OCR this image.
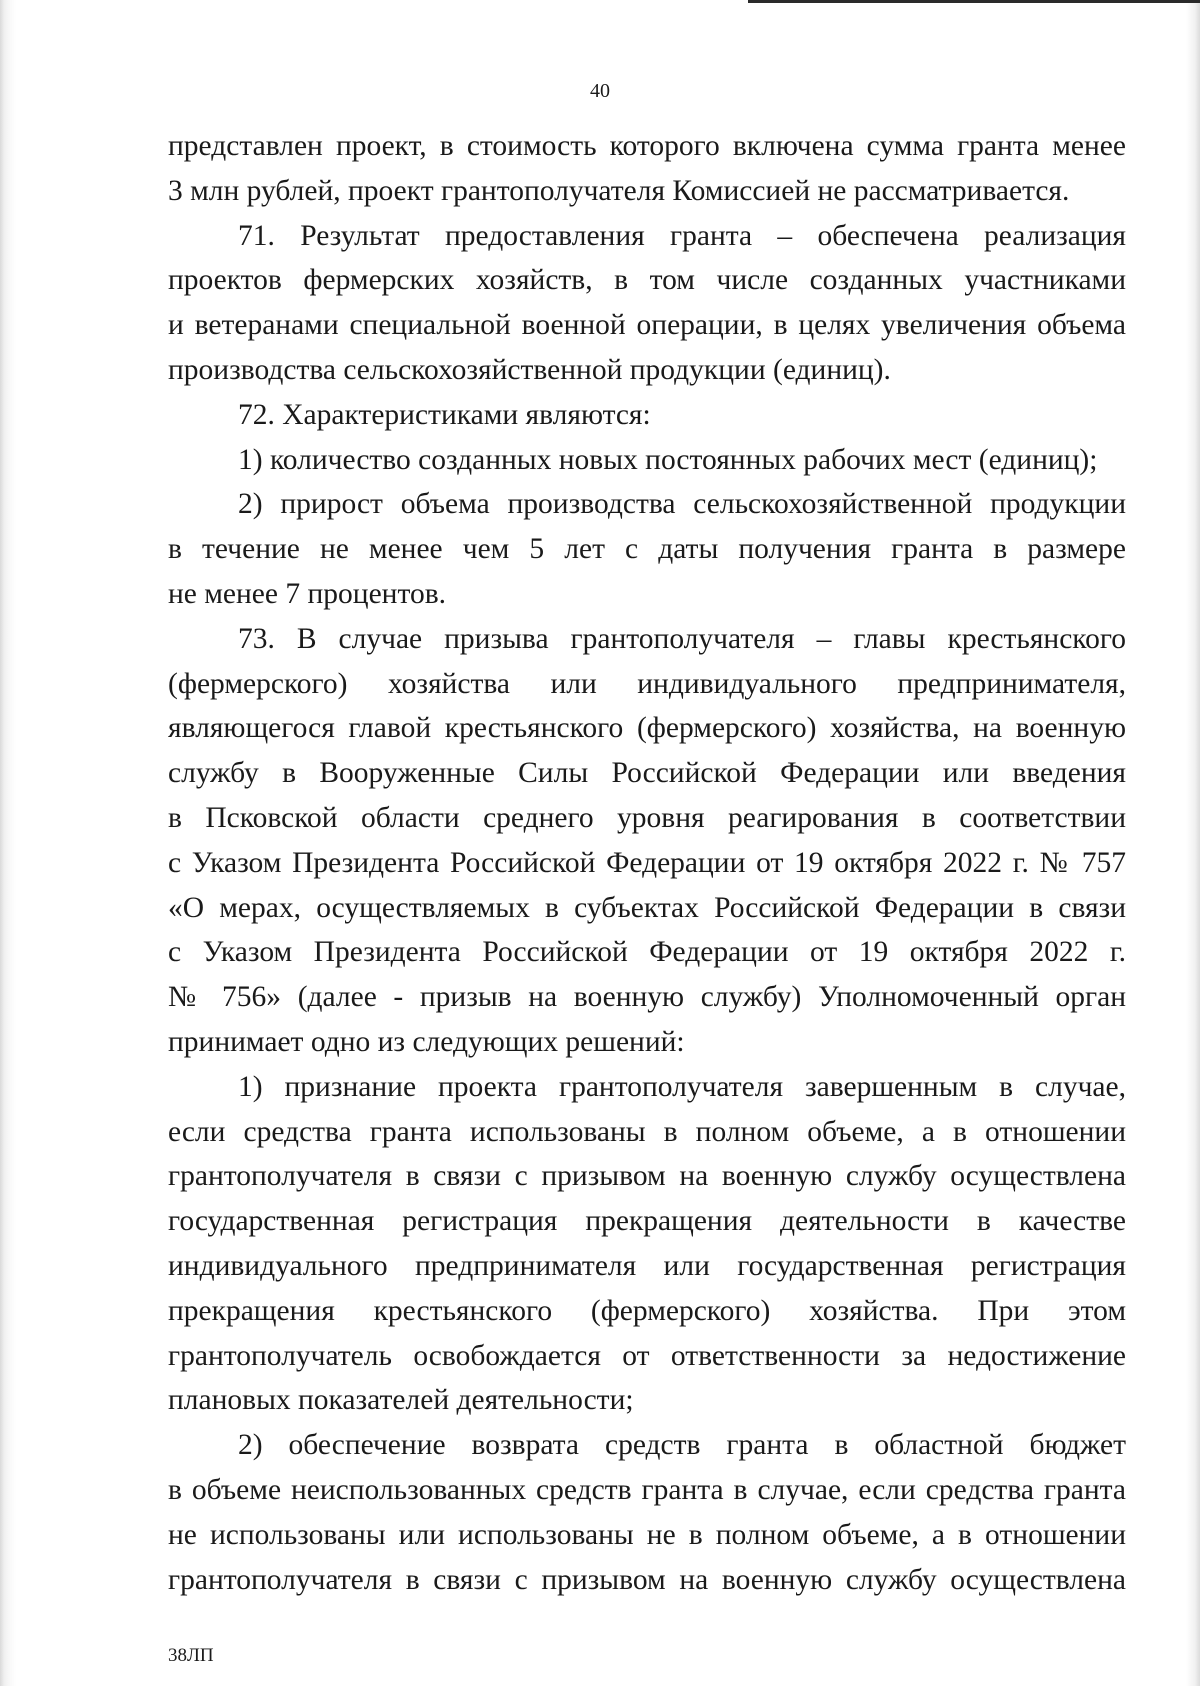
40
представлен проект, в стоимость которого включена сумма гранта менее
3 млн рублей, проект грантополучателя Комиссией не рассматривается.
71. Результат предоставления гранта – обеспечена реализация
проектов фермерских хозяйств, в том числе созданных участниками
и ветеранами специальной военной операции, в целях увеличения объема
производства сельскохозяйственной продукции (единиц).
72. Характеристиками являются:
1) количество созданных новых постоянных рабочих мест (единиц);
2) прирост объема производства сельскохозяйственной продукции
в течение не менее чем 5 лет с даты получения гранта в размере
не менее 7 процентов.
73. В случае призыва грантополучателя – главы крестьянского
(фермерского) хозяйства или индивидуального предпринимателя,
являющегося главой крестьянского (фермерского) хозяйства, на военную
службу в Вооруженные Силы Российской Федерации или введения
в Псковской области среднего уровня реагирования в соответствии
с Указом Президента Российской Федерации от 19 октября 2022 г. № 757
«О мерах, осуществляемых в субъектах Российской Федерации в связи
с Указом Президента Российской Федерации от 19 октября 2022 г.
№ 756» (далее - призыв на военную службу) Уполномоченный орган
принимает одно из следующих решений:
1) признание проекта грантополучателя завершенным в случае,
если средства гранта использованы в полном объеме, а в отношении
грантополучателя в связи с призывом на военную службу осуществлена
государственная регистрация прекращения деятельности в качестве
индивидуального предпринимателя или государственная регистрация
прекращения крестьянского (фермерского) хозяйства. При этом
грантополучатель освобождается от ответственности за недостижение
плановых показателей деятельности;
2) обеспечение возврата средств гранта в областной бюджет
в объеме неиспользованных средств гранта в случае, если средства гранта
не использованы или использованы не в полном объеме, а в отношении
грантополучателя в связи с призывом на военную службу осуществлена
38ЛП
